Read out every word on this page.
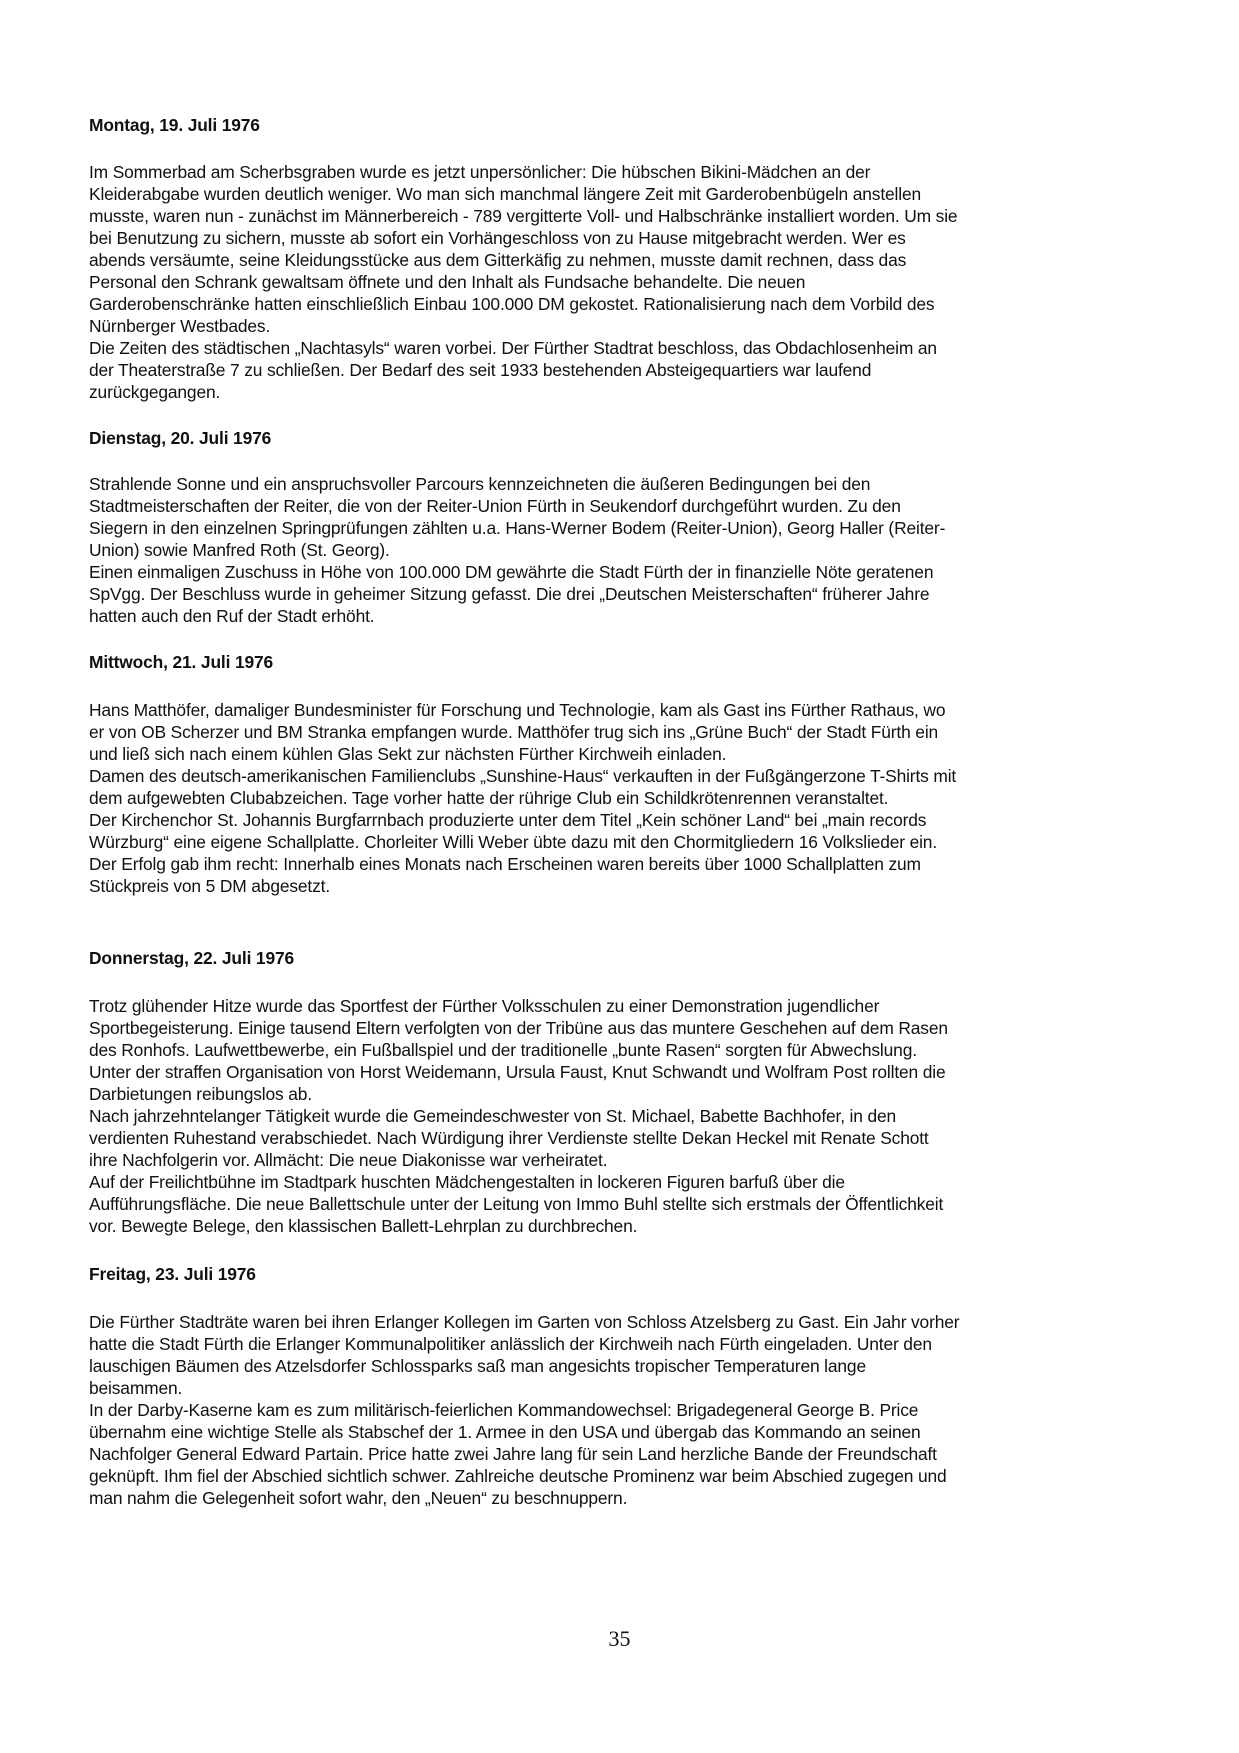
Montag, 19. Juli 1976
Im Sommerbad am Scherbsgraben wurde es jetzt unpersönlicher: Die hübschen Bikini-Mädchen an der
Kleiderabgabe wurden deutlich weniger. Wo man sich manchmal längere Zeit mit Garderobenbügeln anstellen
musste, waren nun - zunächst im Männerbereich - 789 vergitterte Voll- und Halbschränke installiert worden. Um sie
bei Benutzung zu sichern, musste ab sofort ein Vorhängeschloss von zu Hause mitgebracht werden. Wer es
abends versäumte, seine Kleidungsstücke aus dem Gitterkäfig zu nehmen, musste damit rechnen, dass das
Personal den Schrank gewaltsam öffnete und den Inhalt als Fundsache behandelte. Die neuen
Garderobenschränke hatten einschließlich Einbau 100.000 DM gekostet. Rationalisierung nach dem Vorbild des
Nürnberger Westbades.
Die Zeiten des städtischen „Nachtasyls“ waren vorbei. Der Fürther Stadtrat beschloss, das Obdachlosenheim an
der Theaterstraße 7 zu schließen. Der Bedarf des seit 1933 bestehenden Absteigequartiers war laufend
zurückgegangen.
Dienstag, 20. Juli 1976
Strahlende Sonne und ein anspruchsvoller Parcours kennzeichneten die äußeren Bedingungen bei den
Stadtmeisterschaften der Reiter, die von der Reiter-Union Fürth in Seukendorf durchgeführt wurden. Zu den
Siegern in den einzelnen Springprüfungen zählten u.a. Hans-Werner Bodem (Reiter-Union), Georg Haller (Reiter-
Union) sowie Manfred Roth (St. Georg).
Einen einmaligen Zuschuss in Höhe von 100.000 DM gewährte die Stadt Fürth der in finanzielle Nöte geratenen
SpVgg. Der Beschluss wurde in geheimer Sitzung gefasst. Die drei „Deutschen Meisterschaften“ früherer Jahre
hatten auch den Ruf der Stadt erhöht.
Mittwoch, 21. Juli 1976
Hans Matthöfer, damaliger Bundesminister für Forschung und Technologie, kam als Gast ins Fürther Rathaus, wo
er von OB Scherzer und BM Stranka empfangen wurde. Matthöfer trug sich ins „Grüne Buch“ der Stadt Fürth ein
und ließ sich nach einem kühlen Glas Sekt zur nächsten Fürther Kirchweih einladen.
Damen des deutsch-amerikanischen Familienclubs „Sunshine-Haus“ verkauften in der Fußgängerzone T-Shirts mit
dem aufgewebten Clubabzeichen. Tage vorher hatte der rührige Club ein Schildkrötenrennen veranstaltet.
Der Kirchenchor St. Johannis Burgfarrnbach produzierte unter dem Titel „Kein schöner Land“ bei „main records
Würzburg“ eine eigene Schallplatte. Chorleiter Willi Weber übte dazu mit den Chormitgliedern 16 Volkslieder ein.
Der Erfolg gab ihm recht: Innerhalb eines Monats nach Erscheinen waren bereits über 1000 Schallplatten zum
Stückpreis von 5 DM abgesetzt.
Donnerstag, 22. Juli 1976
Trotz glühender Hitze wurde das Sportfest der Fürther Volksschulen zu einer Demonstration jugendlicher
Sportbegeisterung. Einige tausend Eltern verfolgten von der Tribüne aus das muntere Geschehen auf dem Rasen
des Ronhofs. Laufwettbewerbe, ein Fußballspiel und der traditionelle „bunte Rasen“ sorgten für Abwechslung.
Unter der straffen Organisation von Horst Weidemann, Ursula Faust, Knut Schwandt und Wolfram Post rollten die
Darbietungen reibungslos ab.
Nach jahrzehntelanger Tätigkeit wurde die Gemeindeschwester von St. Michael, Babette Bachhofer, in den
verdienten Ruhestand verabschiedet. Nach Würdigung ihrer Verdienste stellte Dekan Heckel mit Renate Schott
ihre Nachfolgerin vor. Allmächt: Die neue Diakonisse war verheiratet.
Auf der Freilichtbühne im Stadtpark huschten Mädchengestalten in lockeren Figuren barfuß über die
Aufführungsfläche. Die neue Ballettschule unter der Leitung von Immo Buhl stellte sich erstmals der Öffentlichkeit
vor. Bewegte Belege, den klassischen Ballett-Lehrplan zu durchbrechen.
Freitag, 23. Juli 1976
Die Fürther Stadträte waren bei ihren Erlanger Kollegen im Garten von Schloss Atzelsberg zu Gast. Ein Jahr vorher
hatte die Stadt Fürth die Erlanger Kommunalpolitiker anlässlich der Kirchweih nach Fürth eingeladen. Unter den
lauschigen Bäumen des Atzelsdorfer Schlossparks saß man angesichts tropischer Temperaturen lange
beisammen.
In der Darby-Kaserne kam es zum militärisch-feierlichen Kommandowechsel: Brigadegeneral George B. Price
übernahm eine wichtige Stelle als Stabschef der 1. Armee in den USA und übergab das Kommando an seinen
Nachfolger General Edward Partain. Price hatte zwei Jahre lang für sein Land herzliche Bande der Freundschaft
geknüpft. Ihm fiel der Abschied sichtlich schwer. Zahlreiche deutsche Prominenz war beim Abschied zugegen und
man nahm die Gelegenheit sofort wahr, den „Neuen“ zu beschnuppern.
35
